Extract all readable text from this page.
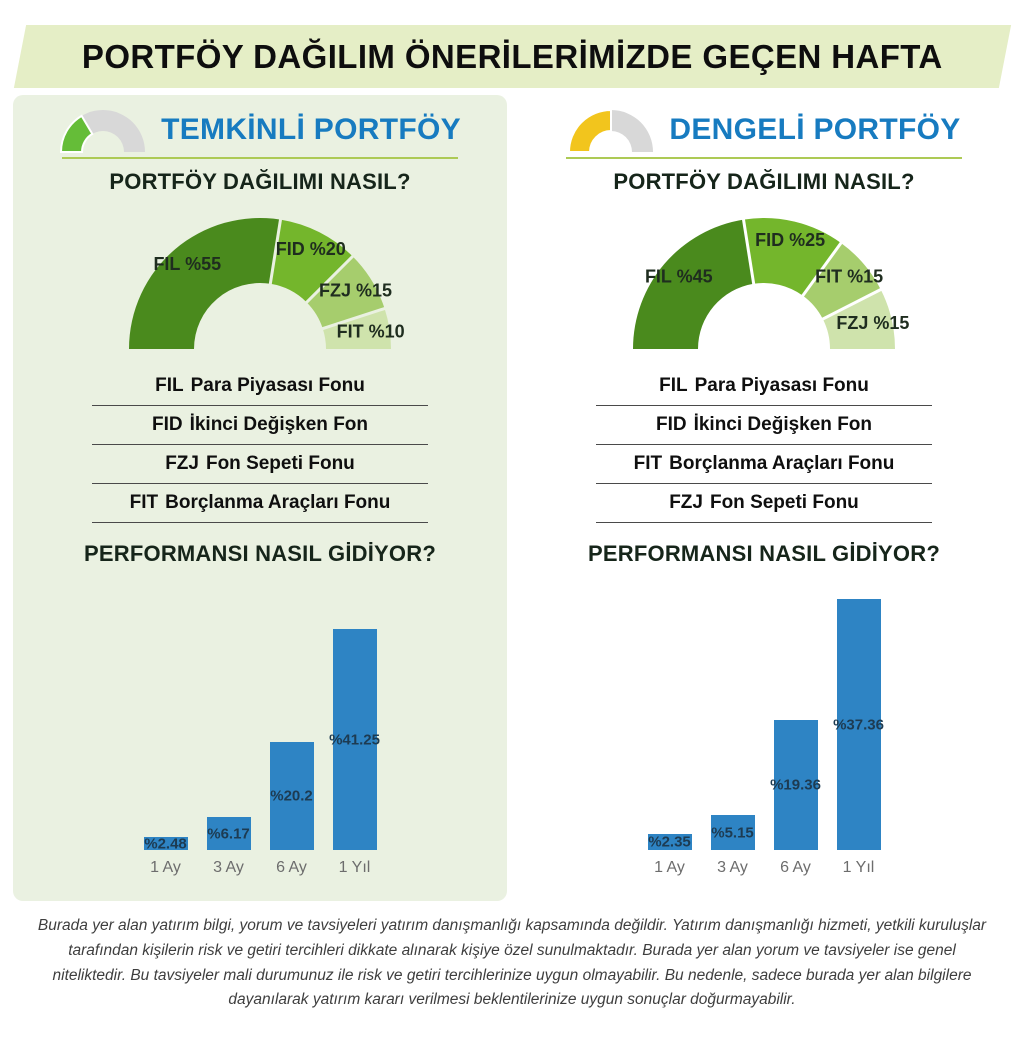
PORTFÖY DAĞILIM ÖNERİLERİMİZDE GEÇEN HAFTA
TEMKİNLİ PORTFÖY
PORTFÖY DAĞILIMI NASIL?
FIL %55
FID %20
FZJ %15
FIT %10
FIL Para Piyasası Fonu
FID İkinci Değişken Fon
FZJ Fon Sepeti Fonu
FIT Borçlanma Araçları Fonu
PERFORMANSI NASIL GİDİYOR?
%2.48
1 Ay
%6.17
3 Ay
%20.2
6 Ay
%41.25
1 Yıl
DENGELİ PORTFÖY
PORTFÖY DAĞILIMI NASIL?
FIL %45
FID %25
FIT %15
FZJ %15
FIL Para Piyasası Fonu
FID İkinci Değişken Fon
FIT Borçlanma Araçları Fonu
FZJ Fon Sepeti Fonu
PERFORMANSI NASIL GİDİYOR?
%2.35
1 Ay
%5.15
3 Ay
%19.36
6 Ay
%37.36
1 Yıl

Burada yer alan yatırım bilgi, yorum ve tavsiyeleri yatırım danışmanlığı kapsamında değildir. Yatırım danışmanlığı hizmeti, yetkili kuruluşlar tarafından kişilerin risk ve getiri tercihleri dikkate alınarak kişiye özel sunulmaktadır. Burada yer alan yorum ve tavsiyeler ise genel niteliktedir. Bu tavsiyeler mali durumunuz ile risk ve getiri tercihlerinize uygun olmayabilir. Bu nedenle, sadece burada yer alan bilgilere dayanılarak yatırım kararı verilmesi beklentilerinize uygun sonuçlar doğurmayabilir.
